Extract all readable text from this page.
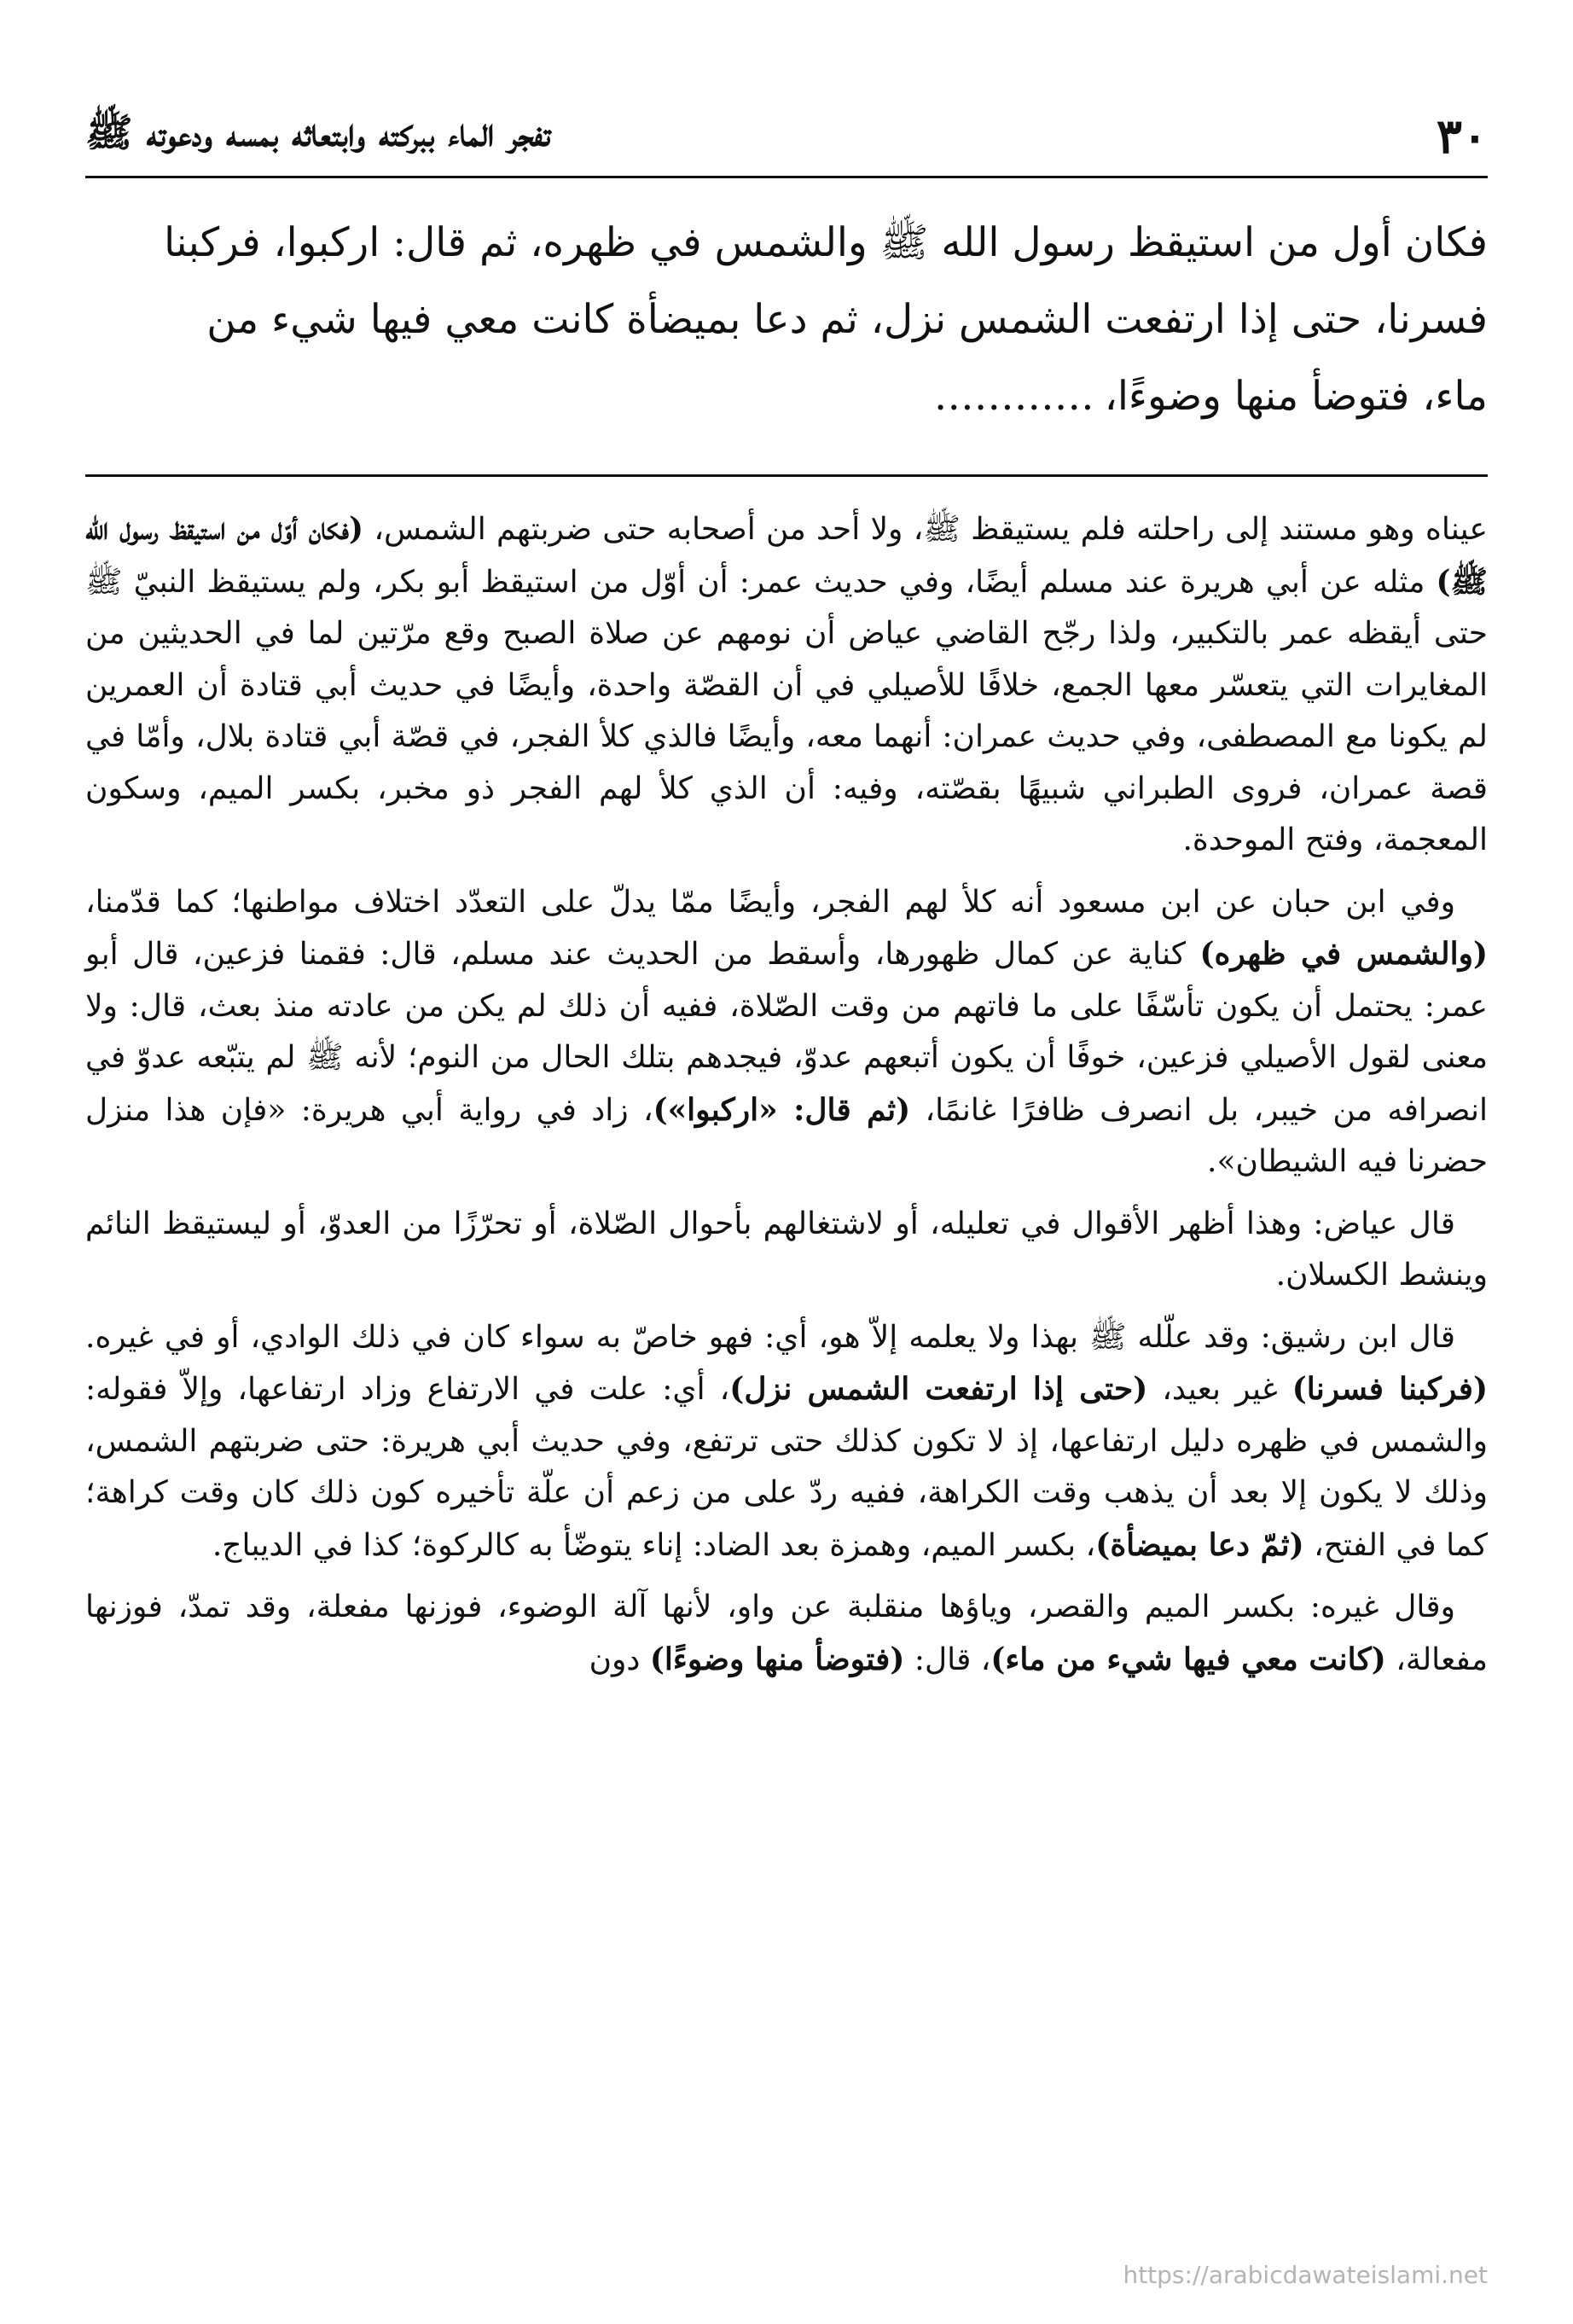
٣٠
تفجر الماء ببركته وابتعاثه بمسه ودعوته ﷺ
فكان أول من استيقظ رسول الله ﷺ والشمس في ظهره، ثم قال: اركبوا، فركبنا
فسرنا، حتى إذا ارتفعت الشمس نزل، ثم دعا بميضأة كانت معي فيها شيء من
ماء، فتوضأ منها وضوءًا،…………

عيناه وهو مستند إلى راحلته فلم يستيقظ ﷺ، ولا أحد من أصحابه حتى ضربتهم الشمس، (فكان أوّل من استيقظ رسول الله ﷺ) مثله عن أبي هريرة عند مسلم أيضًا، وفي حديث عمر: أن أوّل من استيقظ أبو بكر، ولم يستيقظ النبيّ ﷺ حتى أيقظه عمر بالتكبير، ولذا رجّح القاضي عياض أن نومهم عن صلاة الصبح وقع مرّتين لما في الحديثين من المغايرات التي يتعسّر معها الجمع، خلافًا للأصيلي في أن القصّة واحدة، وأيضًا في حديث أبي قتادة أن العمرين لم يكونا مع المصطفى، وفي حديث عمران: أنهما معه، وأيضًا فالذي كلأ الفجر، في قصّة أبي قتادة بلال، وأمّا في قصة عمران، فروى الطبراني شبيهًا بقصّته، وفيه: أن الذي كلأ لهم الفجر ذو مخبر، بكسر الميم، وسكون المعجمة، وفتح الموحدة.

وفي ابن حبان عن ابن مسعود أنه كلأ لهم الفجر، وأيضًا ممّا يدلّ على التعدّد اختلاف مواطنها؛ كما قدّمنا، (والشمس في ظهره) كناية عن كمال ظهورها، وأسقط من الحديث عند مسلم، قال: فقمنا فزعين، قال أبو عمر: يحتمل أن يكون تأسّفًا على ما فاتهم من وقت الصّلاة، ففيه أن ذلك لم يكن من عادته منذ بعث، قال: ولا معنى لقول الأصيلي فزعين، خوفًا أن يكون أتبعهم عدوّ، فيجدهم بتلك الحال من النوم؛ لأنه ﷺ لم يتبّعه عدوّ في انصرافه من خيبر، بل انصرف ظافرًا غانمًا، (ثم قال: «اركبوا»)، زاد في رواية أبي هريرة: «فإن هذا منزل حضرنا فيه الشيطان».

قال عياض: وهذا أظهر الأقوال في تعليله، أو لاشتغالهم بأحوال الصّلاة، أو تحرّزًا من العدوّ، أو ليستيقظ النائم وينشط الكسلان.

قال ابن رشيق: وقد علّله ﷺ بهذا ولا يعلمه إلاّ هو، أي: فهو خاصّ به سواء كان في ذلك الوادي، أو في غيره. (فركبنا فسرنا) غير بعيد، (حتى إذا ارتفعت الشمس نزل)، أي: علت في الارتفاع وزاد ارتفاعها، وإلاّ فقوله: والشمس في ظهره دليل ارتفاعها، إذ لا تكون كذلك حتى ترتفع، وفي حديث أبي هريرة: حتى ضربتهم الشمس، وذلك لا يكون إلا بعد أن يذهب وقت الكراهة، ففيه ردّ على من زعم أن علّة تأخيره كون ذلك كان وقت كراهة؛ كما في الفتح، (ثمّ دعا بميضأة)، بكسر الميم، وهمزة بعد الضاد: إناء يتوضّأ به كالركوة؛ كذا في الديباج.

وقال غيره: بكسر الميم والقصر، وياؤها منقلبة عن واو، لأنها آلة الوضوء، فوزنها مفعلة، وقد تمدّ، فوزنها مفعالة، (كانت معي فيها شيء من ماء)، قال: (فتوضأ منها وضوءًا) دون

https://arabicdawateislami.net
